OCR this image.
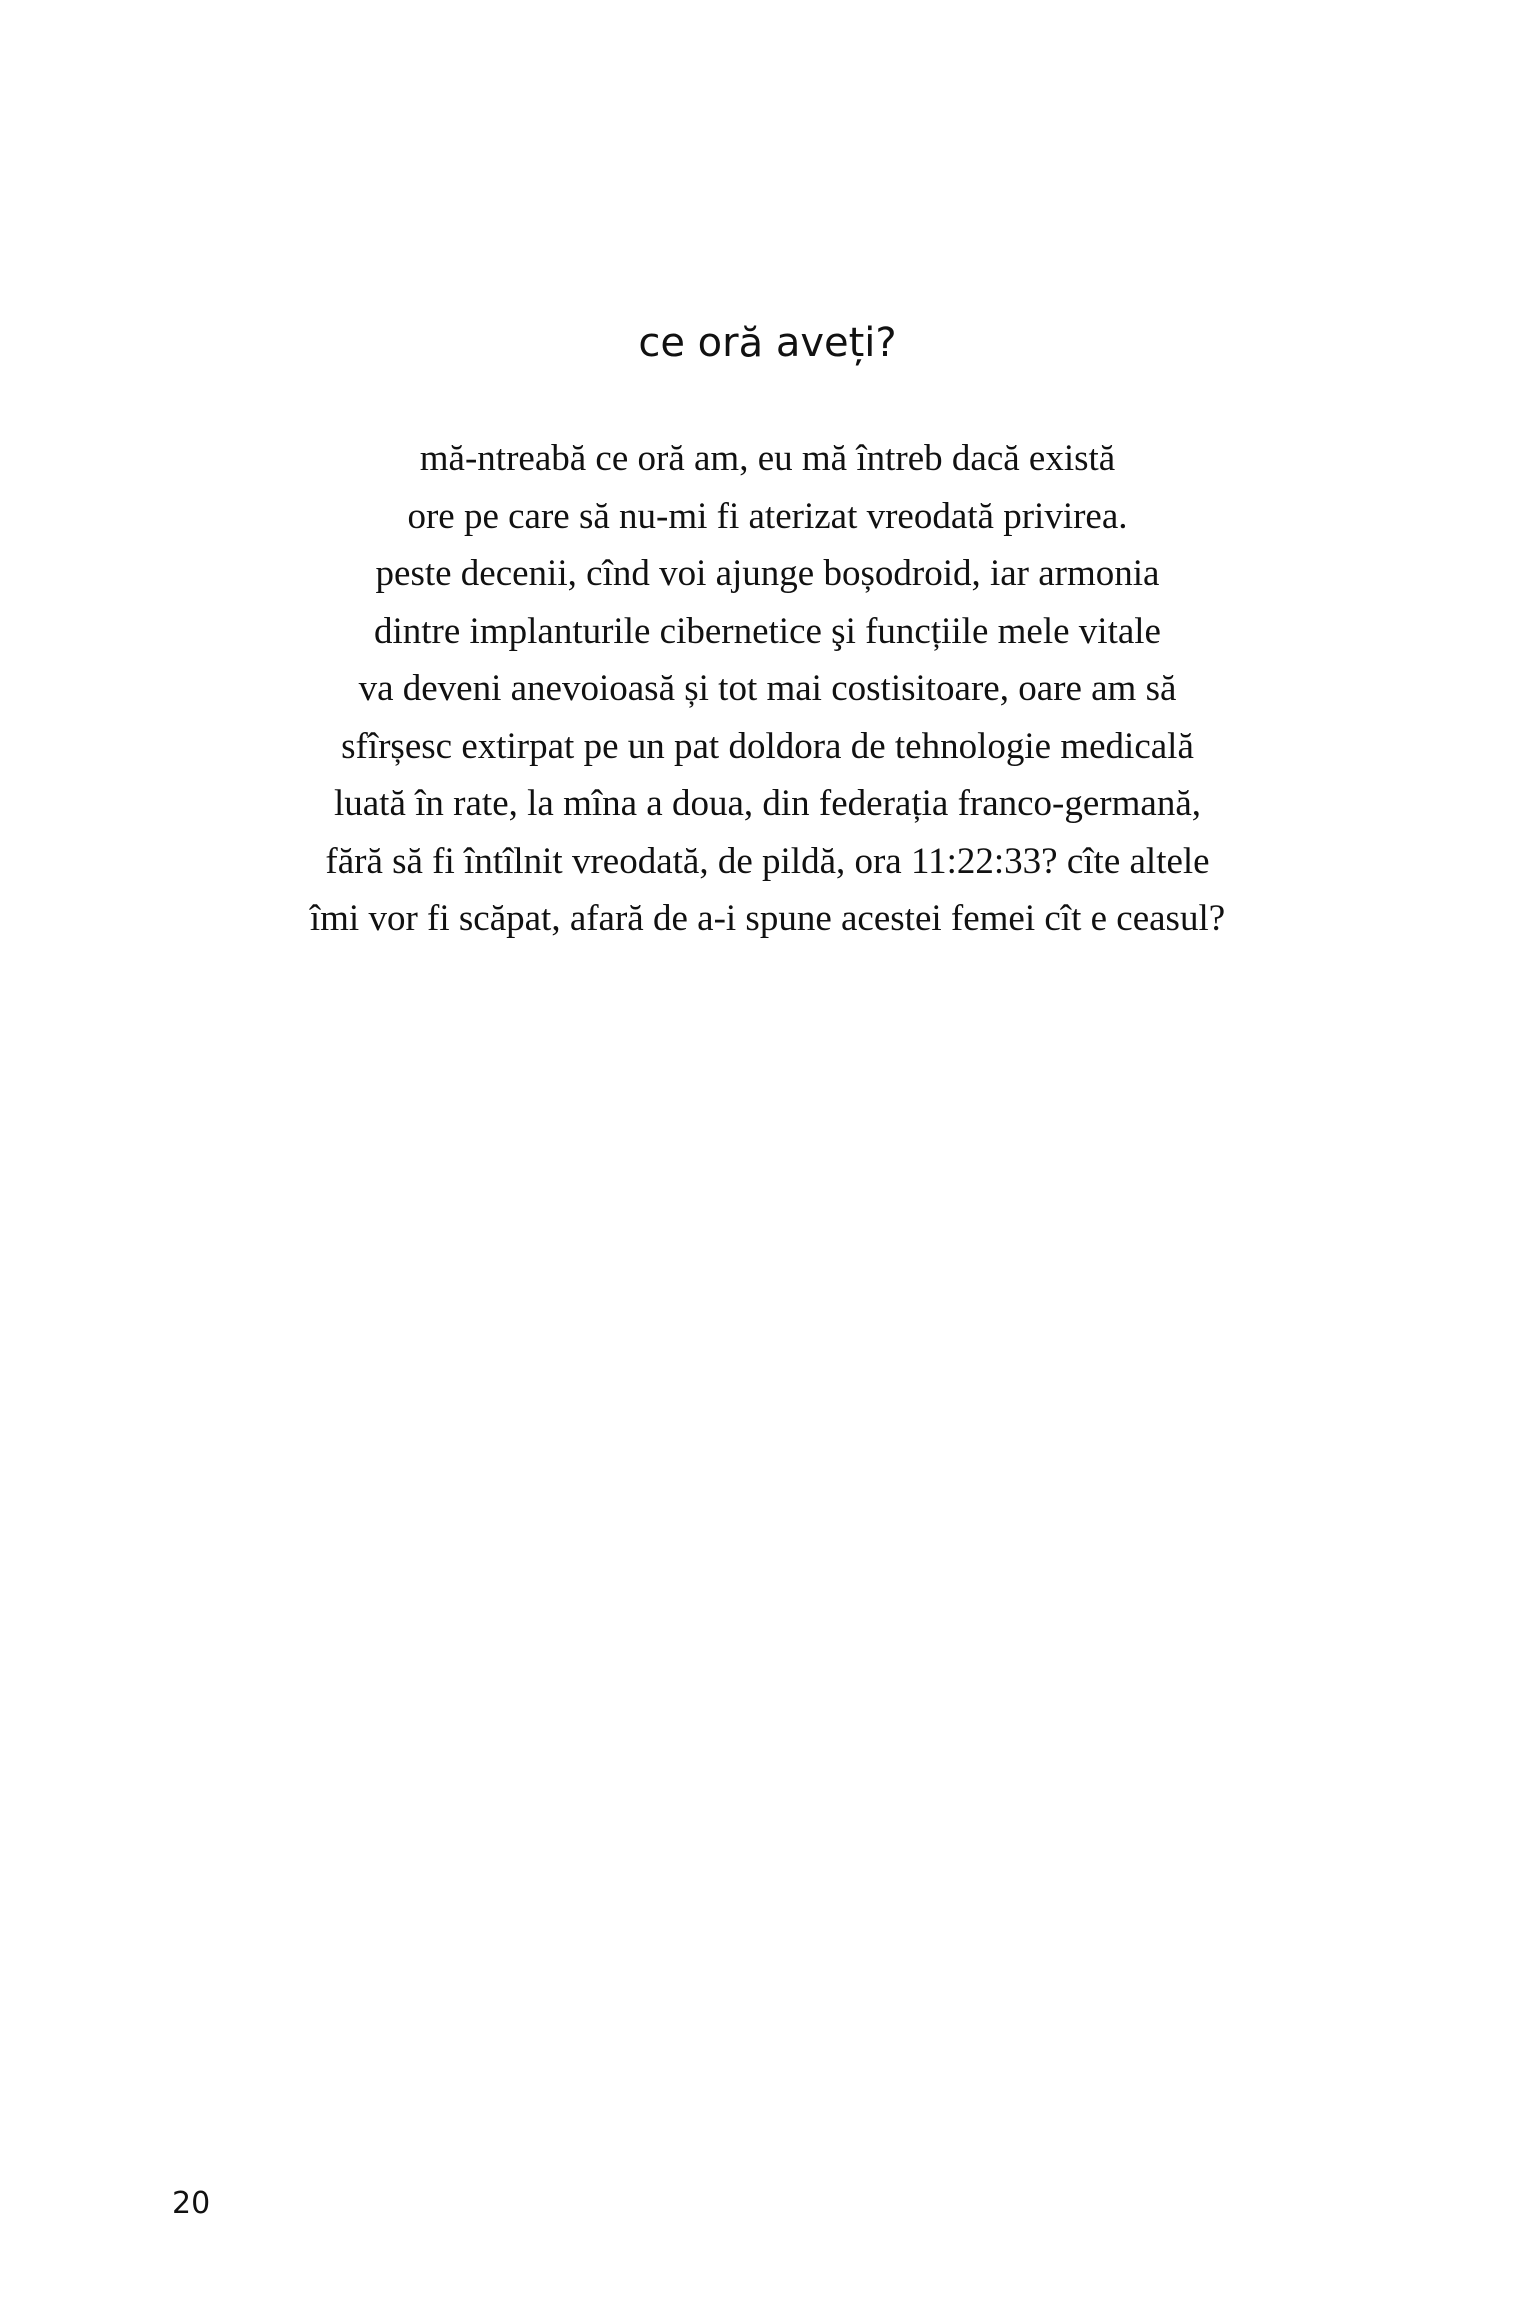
ce oră aveți?
mă-ntreabă ce oră am, eu mă întreb dacă există
ore pe care să nu-mi fi aterizat vreodată privirea.
peste decenii, cînd voi ajunge boșodroid, iar armonia
dintre implanturile cibernetice şi funcțiile mele vitale
va deveni anevoioasă și tot mai costisitoare, oare am să
sfîrșesc extirpat pe un pat doldora de tehnologie medicală
luată în rate, la mîna a doua, din federația franco-germană,
fără să fi întîlnit vreodată, de pildă, ora 11:22:33? cîte altele
îmi vor fi scăpat, afară de a-i spune acestei femei cît e ceasul?
20
